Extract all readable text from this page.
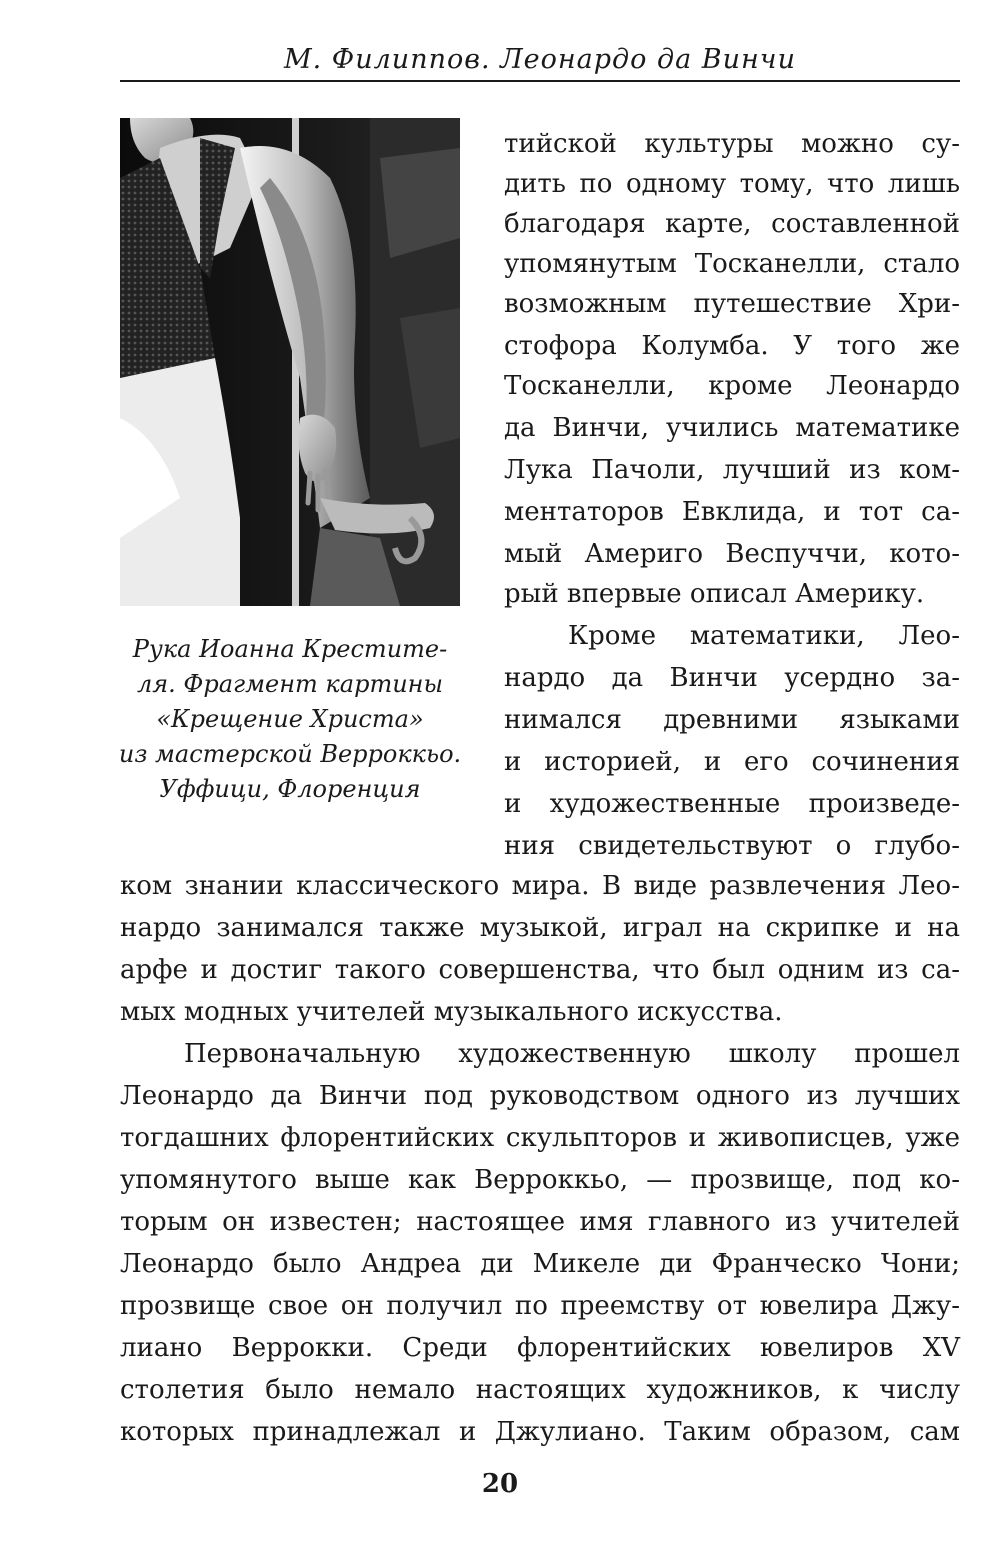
М. Филиппов. Леонардо да Винчи
Рука Иоанна Крестите-
ля. Фрагмент картины
«Крещение Христа»
из мастерской Верроккьо.
Уффици, Флоренция
тийской культуры можно су-
дить по одному тому, что лишь
благодаря карте, составленной
упомянутым Тосканелли, стало
возможным путешествие Хри-
стофора Колумба. У того же
Тосканелли, кроме Леонардо
да Винчи, учились математике
Лука Пачоли, лучший из ком-
ментаторов Евклида, и тот са-
мый Америго Веспуччи, кото-
рый впервые описал Америку.
Кроме математики, Лео-
нардо да Винчи усердно за-
нимался древними языками
и историей, и его сочинения
и художественные произведе-
ния свидетельствуют о глубо-
ком знании классического мира. В виде развлечения Лео-
нардо занимался также музыкой, играл на скрипке и на
арфе и достиг такого совершенства, что был одним из са-
мых модных учителей музыкального искусства.
Первоначальную художественную школу прошел
Леонардо да Винчи под руководством одного из лучших
тогдашних флорентийских скульпторов и живописцев, уже
упомянутого выше как Верроккьо, — прозвище, под ко-
торым он известен; настоящее имя главного из учителей
Леонардо было Андреа ди Микеле ди Франческо Чони;
прозвище свое он получил по преемству от ювелира Джу-
лиано Веррокки. Среди флорентийских ювелиров XV
столетия было немало настоящих художников, к числу
которых принадлежал и Джулиано. Таким образом, сам
20
